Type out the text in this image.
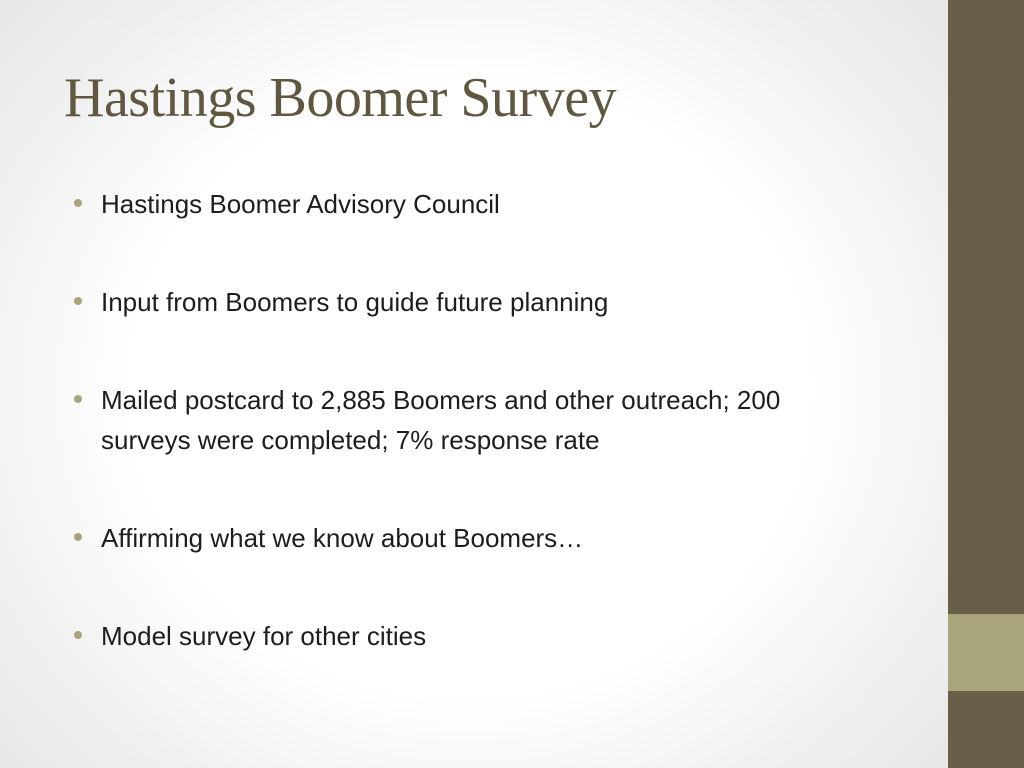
Hastings Boomer Survey
Hastings Boomer Advisory Council
Input from Boomers to guide future planning
Mailed postcard to 2,885 Boomers and other outreach; 200 surveys were completed; 7% response rate
Affirming what we know about Boomers…
Model survey for other cities
